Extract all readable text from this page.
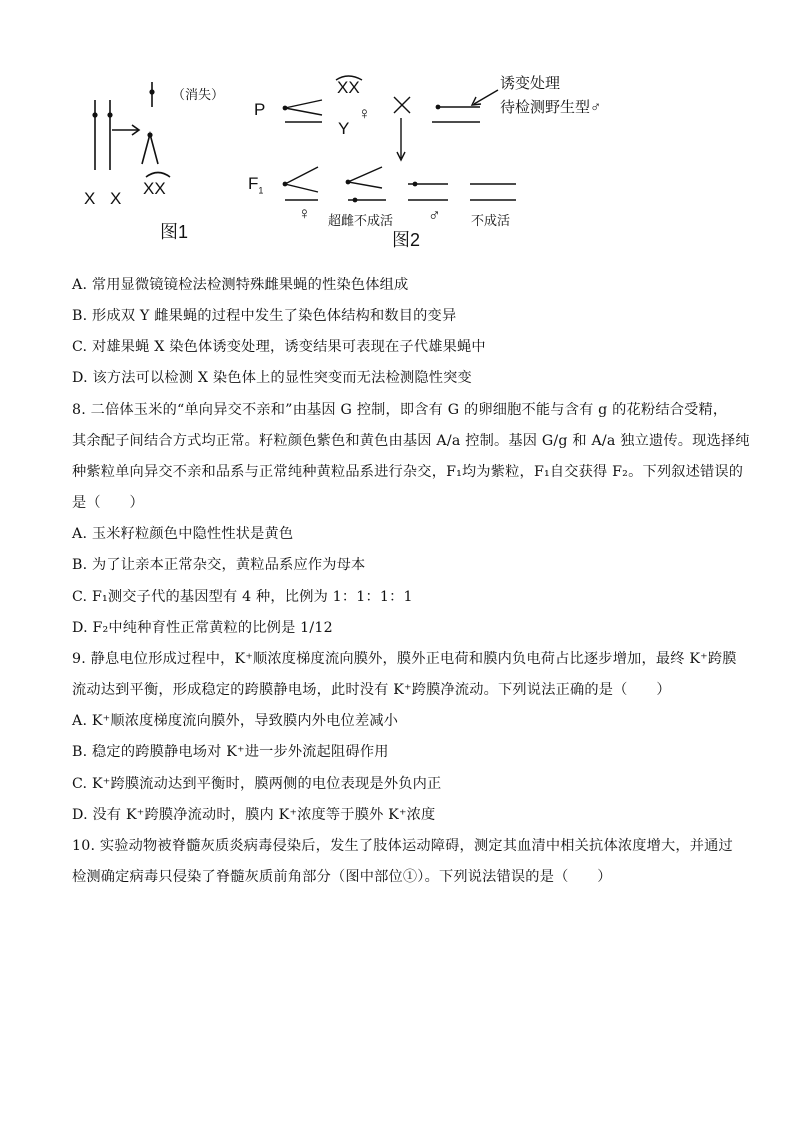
（消失）
X X
XX
图1
P
XX
Y
♀
诱变处理
待检测野生型♂
$F_1$
♀ 超雌不成活 ♂ 不成活
图2
A. 常用显微镜镜检法检测特殊雌果蝇的性染色体组成
B. 形成双 Y 雌果蝇的过程中发生了染色体结构和数目的变异
C. 对雄果蝇 X 染色体诱变处理，诱变结果可表现在子代雄果蝇中
D. 该方法可以检测 X 染色体上的显性突变而无法检测隐性突变
8. 二倍体玉米的“单向异交不亲和”由基因 G 控制，即含有 G 的卵细胞不能与含有 g 的花粉结合受精，
其余配子间结合方式均正常。籽粒颜色紫色和黄色由基因 A/a 控制。基因 G/g 和 A/a 独立遗传。现选择纯
种紫粒单向异交不亲和品系与正常纯种黄粒品系进行杂交，F₁均为紫粒，F₁自交获得 F₂。下列叙述错误的
是（　　）
A. 玉米籽粒颜色中隐性性状是黄色
B. 为了让亲本正常杂交，黄粒品系应作为母本
C. F₁测交子代的基因型有 4 种，比例为 1：1：1：1
D. F₂中纯种育性正常黄粒的比例是 1/12
9. 静息电位形成过程中，K⁺顺浓度梯度流向膜外，膜外正电荷和膜内负电荷占比逐步增加，最终 K⁺跨膜
流动达到平衡，形成稳定的跨膜静电场，此时没有 K⁺跨膜净流动。下列说法正确的是（　　）
A. K⁺顺浓度梯度流向膜外，导致膜内外电位差减小
B. 稳定的跨膜静电场对 K⁺进一步外流起阻碍作用
C. K⁺跨膜流动达到平衡时，膜两侧的电位表现是外负内正
D. 没有 K⁺跨膜净流动时，膜内 K⁺浓度等于膜外 K⁺浓度
10. 实验动物被脊髓灰质炎病毒侵染后，发生了肢体运动障碍，测定其血清中相关抗体浓度增大，并通过
检测确定病毒只侵染了脊髓灰质前角部分（图中部位①）。下列说法错误的是（　　）
